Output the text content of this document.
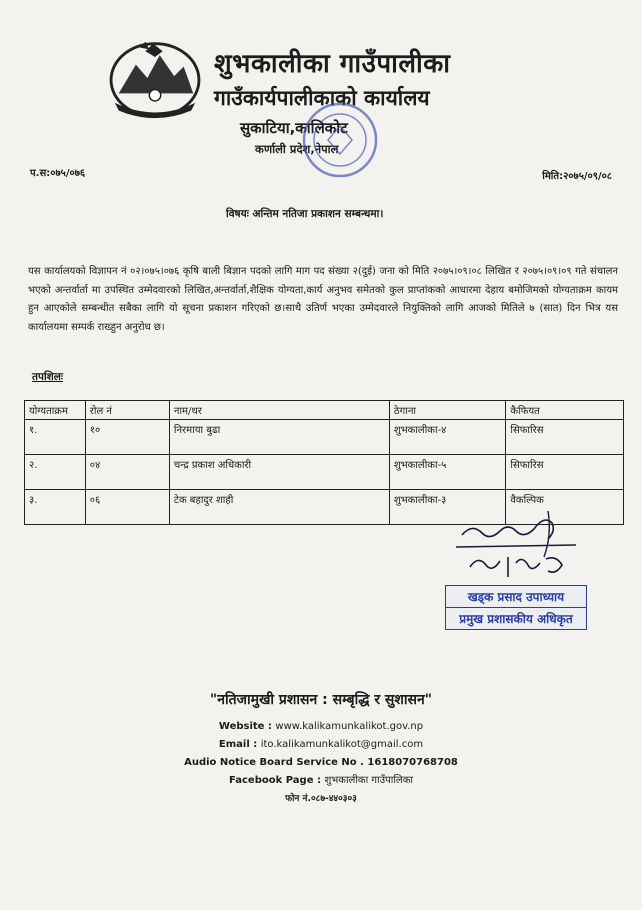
शुभकालीका गाउँपालीका
गाउँकार्यपालीकाको कार्यालय
सुकाटिया,कालिकोट
कर्णाली प्रदेश,नेपाल
प.स:०७५/०७६	मिति:२०७५/०९/०८
विषयः अन्तिम नतिजा प्रकाशन सम्बन्धमा।
यस कार्यालयको विज्ञापन नं ०२।०७५।०७६ कृषि बाली बिज्ञान पदको लागि माग पद संख्या २(दुई) जना को मिति २०७५।०९।०८ लिखित र २०७५।०९।०९ गते संचालन भएको अन्तर्वार्ता मा उपस्थित उम्मेदवारको लिखित,अन्तर्वार्ता,शैक्षिक योग्यता,कार्य अनुभव समेतको कुल प्राप्तांकको आधारमा देहाय बमोजिमको योग्यताक्रम कायम हुन आएकोले सम्बन्धीत सबैका लागि यो सूचना प्रकाशन गरिएको छ।साथै उतिर्ण भएका उम्मेदवारले नियुक्तिको लागि आजको मितिले ७ (सात) दिन भित्र यस कार्यालयमा सम्पर्क राख्हुन अनुरोध छ।
तपशिलः
योग्यताक्रम	रोल नं	नाम/थर	ठेगाना	कैफियत
१.	१०	निरमाया बुढा	शुभकालीका-४	सिफारिस
२.	०४	चन्द्र प्रकाश अधिकारी	शुभकालीका-५	सिफारिस
३.	०६	टेक बहादुर शाही	शुभकालीका-३	वैकल्पिक
खड्क प्रसाद उपाध्याय
प्रमुख प्रशासकीय अधिकृत
"नतिजामुखी प्रशासन : सम्बृद्धि र सुशासन"
Website : www.kalikamunkalikot.gov.np
Email : ito.kalikamunkalikot@gmail.com
Audio Notice Board Service No . 1618070768708
Facebook Page : शुभकालीका गाउँपालिका
फोन नं.०८७-४४०३०३
